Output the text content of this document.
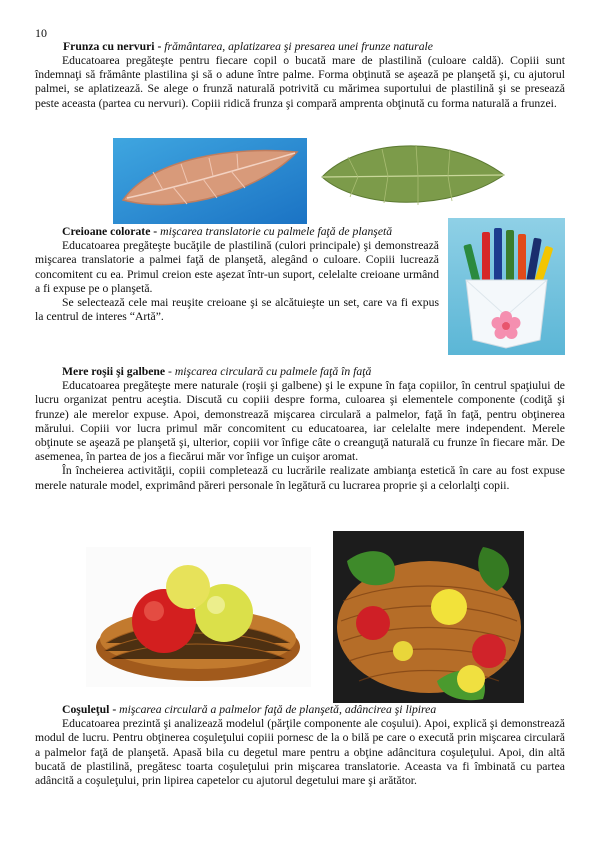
10

Frunza cu nervuri - frământarea, aplatizarea şi presarea unei frunze naturale

Educatoarea pregăteşte pentru fiecare copil o bucată mare de plastilină (culoare caldă). Copiii sunt îndemnaţi să frământe plastilina şi să o adune între palme. Forma obţinută se aşează pe planşetă şi, cu ajutorul palmei, se aplatizează. Se alege o frunză naturală potrivită cu mărimea suportului de plastilină şi se presează peste aceasta (partea cu nervuri). Copiii ridică frunza şi compară amprenta obţinută cu forma naturală a frunzei.

Creioane colorate - mişcarea translatorie cu palmele faţă de planşetă

Educatoarea pregăteşte bucăţile de plastilină (culori principale) şi demonstrează mişcarea translatorie a palmei faţă de planşetă, alegând o culoare. Copiii lucrează concomitent cu ea. Primul creion este aşezat într-un suport, celelalte creioane urmând a fi expuse pe o planşetă.

Se selectează cele mai reuşite creioane şi se alcătuieşte un set, care va fi expus la centrul de interes “Artă”.

Mere roşii şi galbene - mişcarea circulară cu palmele faţă în faţă

Educatoarea pregăteşte mere naturale (roşii şi galbene) şi le expune în faţa copiilor, în centrul spaţiului de lucru organizat pentru aceştia. Discută cu copiii despre forma, culoarea şi elementele componente (codiţă şi frunze) ale merelor expuse. Apoi, demonstrează mişcarea circulară a palmelor, faţă în faţă, pentru obţinerea mărului. Copiii vor lucra primul măr concomitent cu educatoarea, iar celelalte mere independent. Merele obţinute se aşează pe planşetă şi, ulterior, copiii vor înfige câte o creanguţă naturală cu frunze în fiecare măr. De asemenea, în partea de jos a fiecărui măr vor înfige un cuişor aromat.

În încheierea activităţii, copiii completează cu lucrările realizate ambianţa estetică în care au fost expuse merele naturale model, exprimând păreri personale în legătură cu lucrarea proprie şi a celorlalţi copii.

Coşuleţul - mişcarea circulară a palmelor faţă de planşetă, adâncirea şi lipirea

Educatoarea prezintă şi analizează modelul (părţile componente ale coşului). Apoi, explică şi demonstrează modul de lucru. Pentru obţinerea coşuleţului copiii pornesc de la o bilă pe care o execută prin mişcarea circulară a palmelor faţă de planşetă. Apasă bila cu degetul mare pentru a obţine adâncitura coşuleţului. Apoi, din altă bucată de plastilină, pregătesc toarta coşuleţului prin mişcarea translatorie. Aceasta va fi îmbinată cu partea adâncită a coşuleţului, prin lipirea capetelor cu ajutorul degetului mare şi arătător.
